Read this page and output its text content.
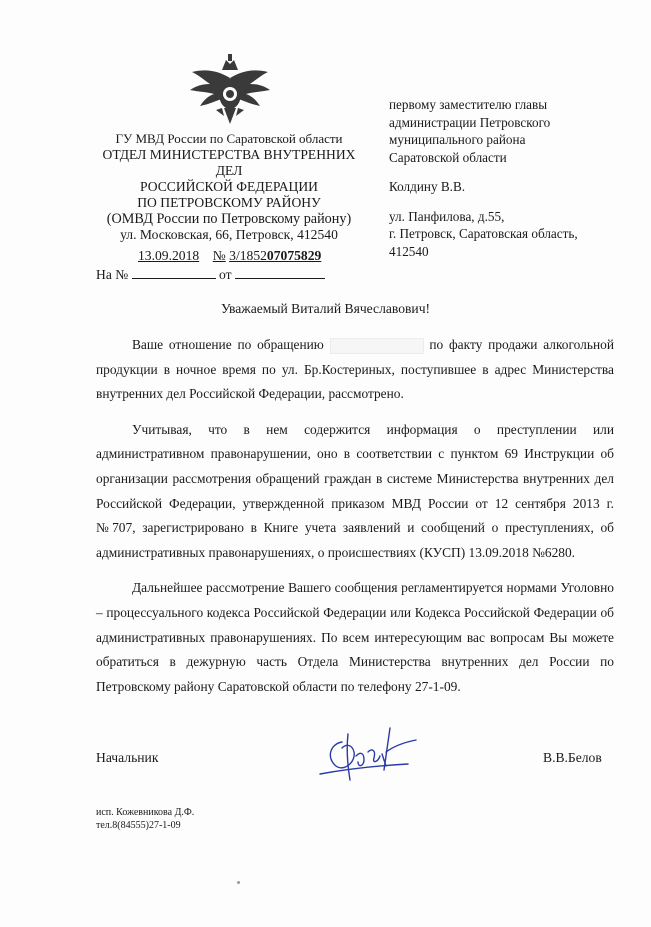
ГУ МВД России по Саратовской области
ОТДЕЛ МИНИСТЕРСТВА ВНУТРЕННИХ ДЕЛ
РОССИЙСКОЙ ФЕДЕРАЦИИ
ПО ПЕТРОВСКОМУ РАЙОНУ
(ОМВД России по Петровскому району)
ул. Московская, 66, Петровск, 412540
первому заместителю главы
администрации Петровского
муниципального района
Саратовской области
Колдину В.В.
ул. Панфилова, д.55,
г. Петровск, Саратовская область,
412540
13.09.2018 № 3/185207075829
На №	от
Уважаемый Виталий Вячеславович!

Ваше отношение по обращению	по факту продажи алкогольной продукции в ночное время по ул. Бр.Костериных, поступившее в адрес Министерства внутренних дел Российской Федерации, рассмотрено.

Учитывая, что в нем содержится информация о преступлении или административном правонарушении, оно в соответствии с пунктом 69 Инструкции об организации рассмотрения обращений граждан в системе Министерства внутренних дел Российской Федерации, утвержденной приказом МВД России от 12 сентября 2013 г. №707, зарегистрировано в Книге учета заявлений и сообщений о преступлениях, об административных правонарушениях, о происшествиях (КУСП) 13.09.2018 №6280.

Дальнейшее рассмотрение Вашего сообщения регламентируется нормами Уголовно – процессуального кодекса Российской Федерации или Кодекса Российской Федерации об административных правонарушениях. По всем интересующим вас вопросам Вы можете обратиться в дежурную часть Отдела Министерства внутренних дел России по Петровскому району Саратовской области по телефону 27-1-09.

Начальник	В.В.Белов
исп. Кожевникова Д.Ф.
тел.8(84555)27-1-09
